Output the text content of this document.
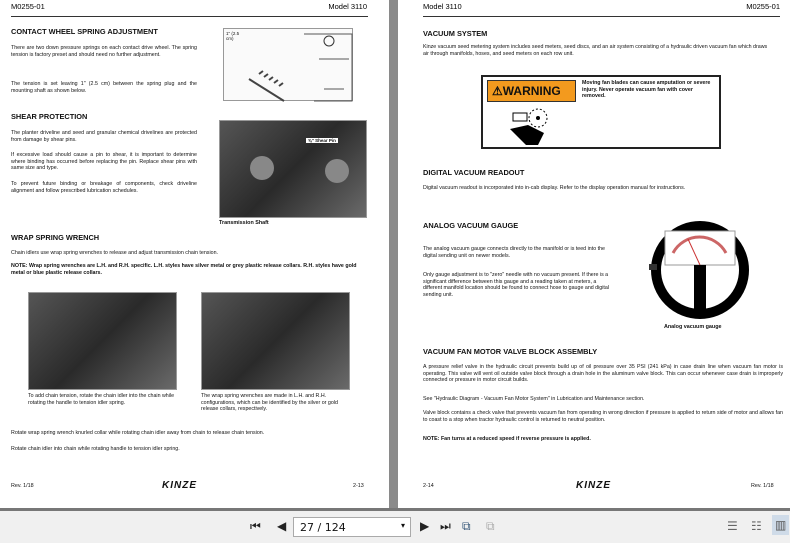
M0255-01	Model 3110
CONTACT WHEEL SPRING ADJUSTMENT
There are two down pressure springs on each contact drive wheel. The spring tension is factory preset and should need no further adjustment.
The tension is set leaving 1" (2.5 cm) between the spring plug and the mounting shaft as shown below.
1" (2.5 cm)
SHEAR PROTECTION
The planter driveline and seed and granular chemical drivelines are protected from damage by shear pins.
If excessive load should cause a pin to shear, it is important to determine where binding has occurred before replacing the pin. Replace shear pins with same size and type.
To prevent future binding or breakage of components, check driveline alignment and follow prescribed lubrication schedules.
⅝" Shear Pin
Transmission Shaft
WRAP SPRING WRENCH
Chain idlers use wrap spring wrenches to release and adjust transmission chain tension.
NOTE: Wrap spring wrenches are L.H. and R.H. specific. L.H. styles have silver metal or grey plastic release collars. R.H. styles have gold metal or blue plastic release collars.
To add chain tension, rotate the chain idler into the chain while rotating the handle to tension idler spring.
The wrap spring wrenches are made in L.H. and R.H. configurations, which can be identified by the silver or gold release collars, respectively.
Rotate wrap spring wrench knurled collar while rotating chain idler away from chain to release chain tension.
Rotate chain idler into chain while rotating handle to tension idler spring.
Rev. 1/18	KINZE	2-13
Model 3110	M0255-01
VACUUM SYSTEM
Kinze vacuum seed metering system includes seed meters, seed discs, and an air system consisting of a hydraulic driven vacuum fan which draws air through manifolds, hoses, and seed meters on each row unit.
⚠WARNING
Moving fan blades can cause amputation or severe injury. Never operate vacuum fan with cover removed.
DIGITAL VACUUM READOUT
Digital vacuum readout is incorporated into in-cab display. Refer to the display operation manual for instructions.
ANALOG VACUUM GAUGE
The analog vacuum gauge connects directly to the manifold or is teed into the digital sending unit on newer models.
Only gauge adjustment is to "zero" needle with no vacuum present. If there is a significant difference between this gauge and a reading taken at meters, a different manifold location should be found to connect hose to gauge and digital sending unit.
Analog vacuum gauge
VACUUM FAN MOTOR VALVE BLOCK ASSEMBLY
A pressure relief valve in the hydraulic circuit prevents build up of oil pressure over 35 PSI (241 kPa) in case drain line when vacuum fan motor is operating. This valve will vent oil outside valve block through a drain hole in the aluminum valve block. This can occur whenever case drain is improperly connected or pressure in motor circuit builds.
See "Hydraulic Diagram - Vacuum Fan Motor System" in Lubrication and Maintenance section.
Valve block contains a check valve that prevents vacuum fan from operating in wrong direction if pressure is applied to return side of motor and allows fan to coast to a stop when tractor hydraulic control is returned to neutral position.
NOTE: Fan turns at a reduced speed if reverse pressure is applied.
2-14	KINZE	Rev. 1/18
⏮ ◀	27 / 124	▾ ▶ ⏭ ⧉ ⧉	☰ ☷ ▥
